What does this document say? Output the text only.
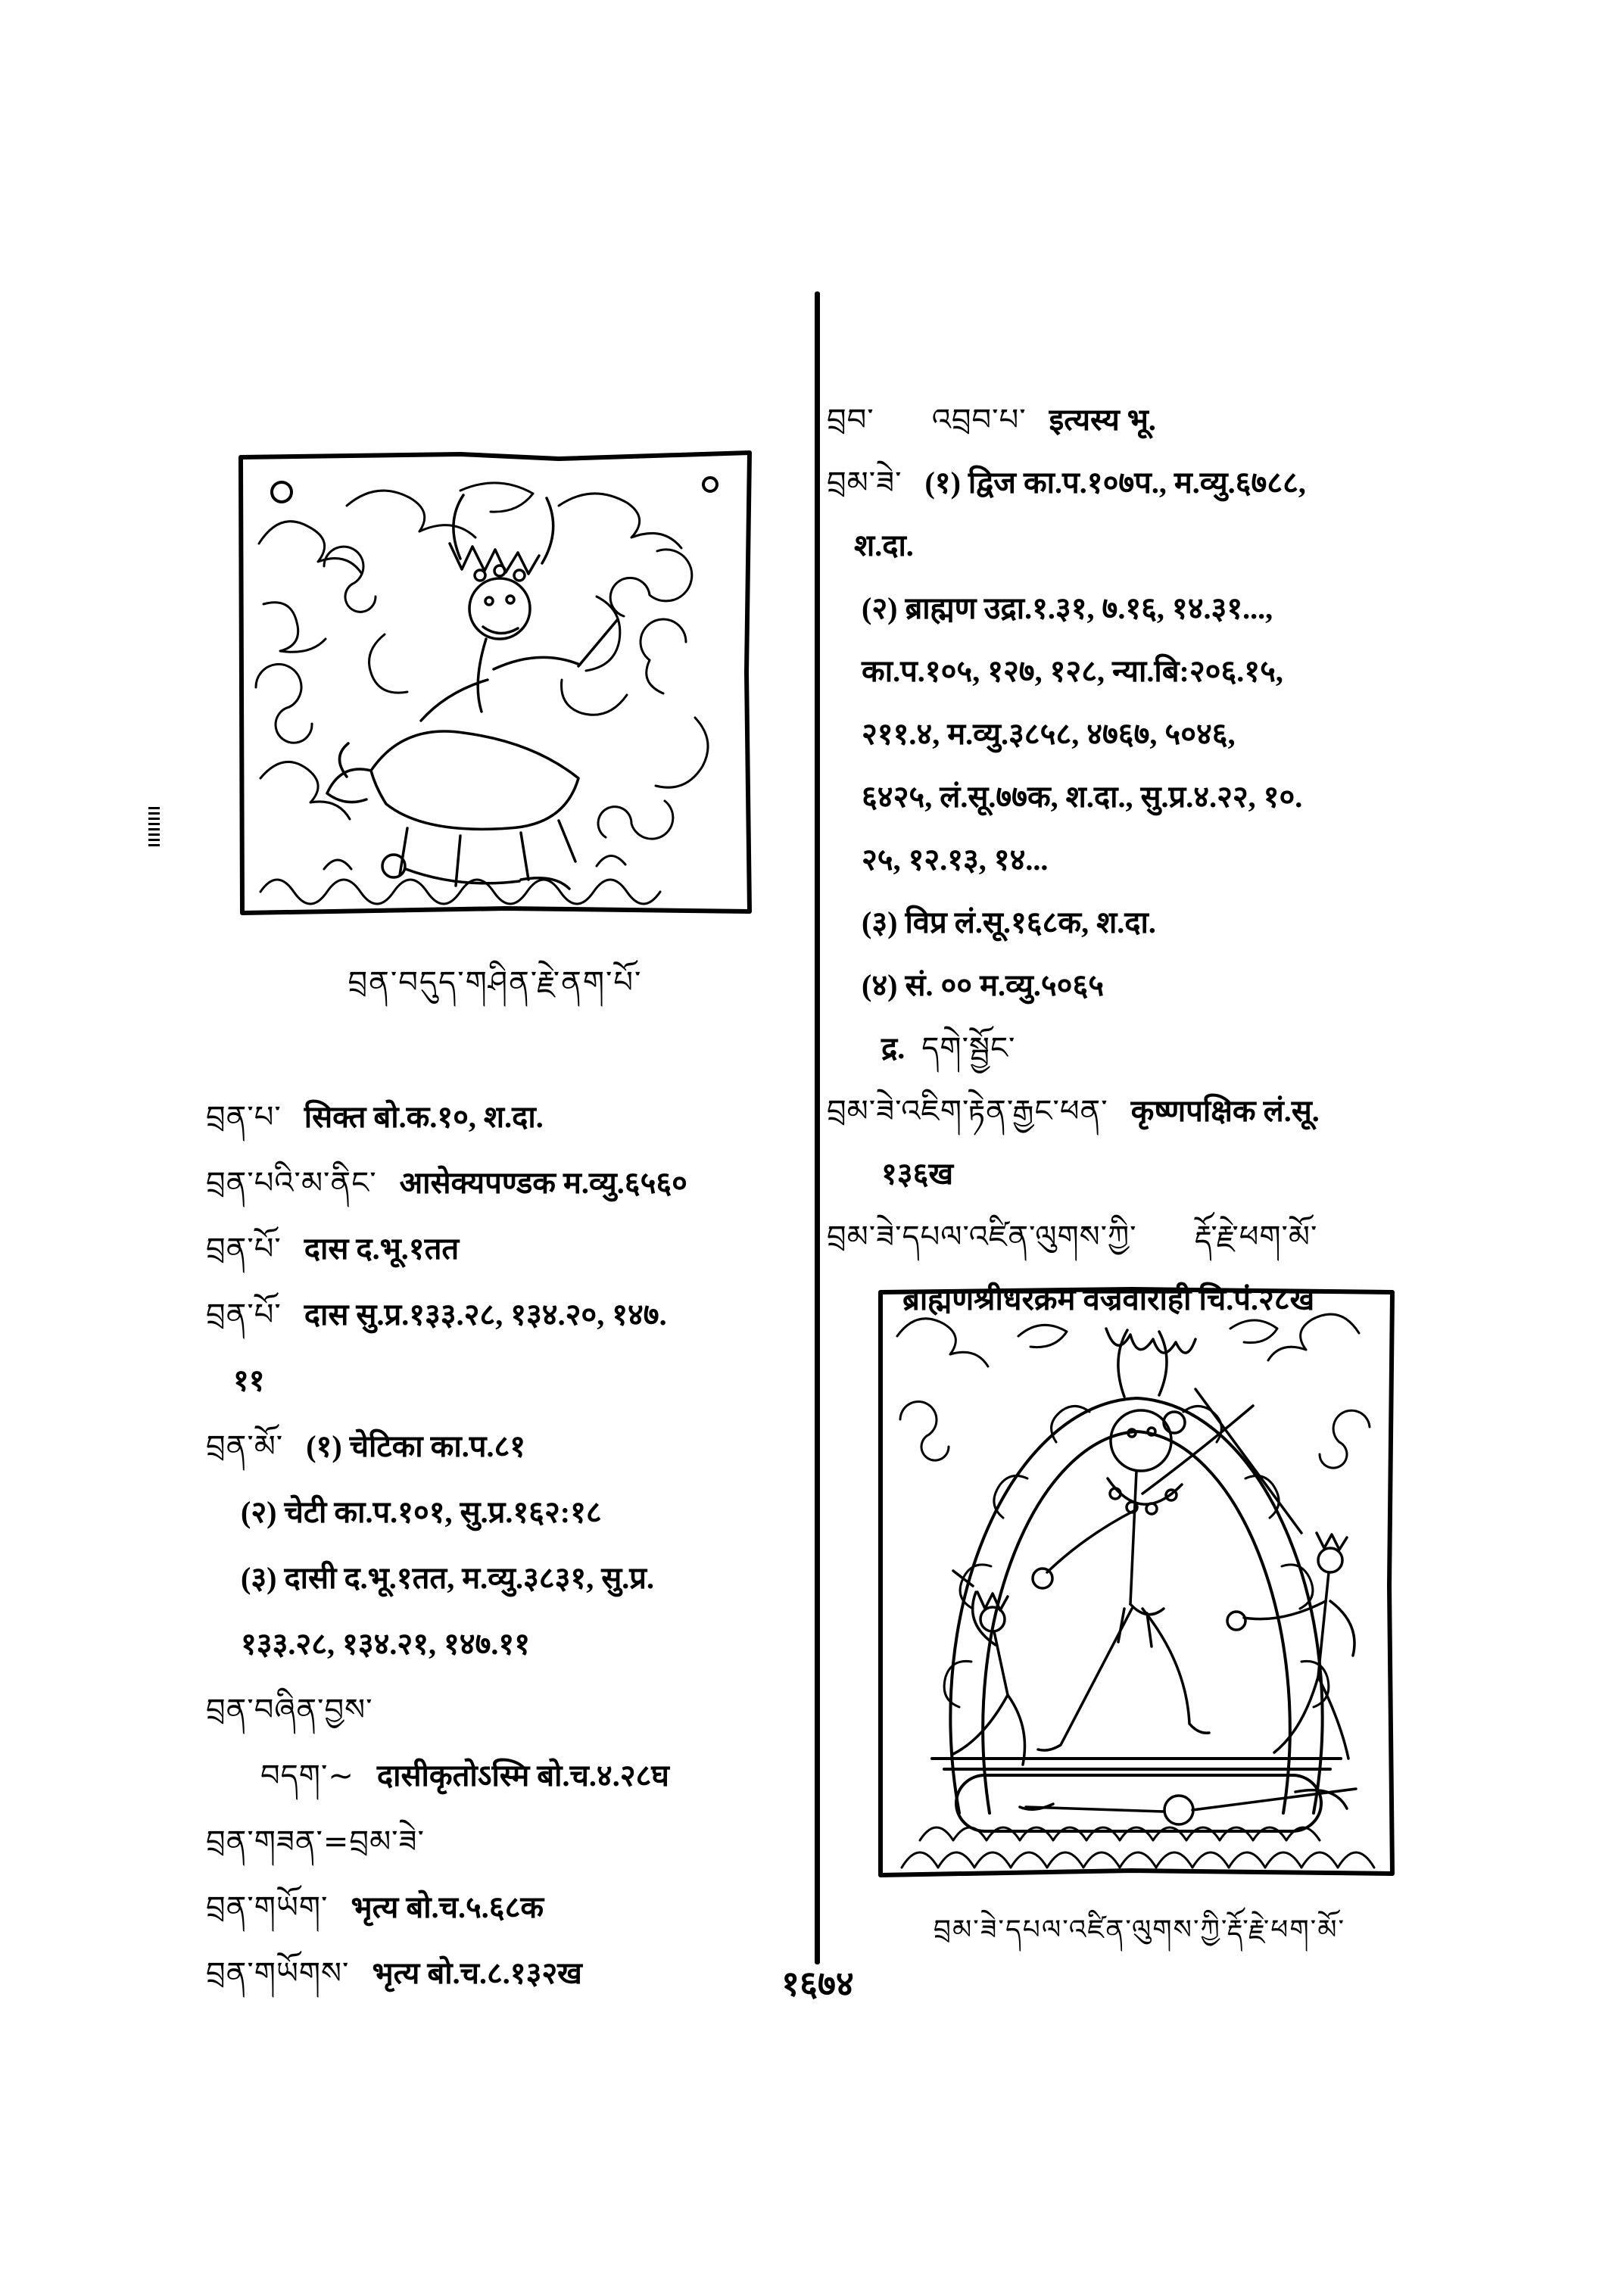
བྲན་བདུད་གཤིན་རྗེ་ནག་པོ་
བྲན་པ་ सिक्त बो.क.१०, श.दा.
བྲན་པའི་མ་ནིང་ आसेक्यपण्डक म.व्यु.६५६०
བྲན་པོ་ दास द.भू.१तत
བྲན་པོ་ दास सु.प्र.१३३.२८, १३४.२०, १४७.
११
བྲན་མོ་ (१) चेटिका का.प.८१
(२) चेटी का.प.१०१, सु.प्र.१६२:१८
(३) दासी द.भू.१तत, म.व्यु.३८३१, सु.प्र.
१३३.२८, १३४.२१, १४७.११
བྲན་བཞིན་བྱས་
བདག་~ दासीकृतोऽस्मि बो.च.४.२८घ
བྲན་གཟན་=བྲམ་ཟེ་
བྲན་གཡོག་ भृत्य बो.च.५.६८क
བྲན་གཡོགས་ भृत्य बो.च.८.१३२ख
བྲབ་ འབྲབ་པ་ इत्यस्य भू.
བྲམ་ཟེ་ (१) द्विज का.प.१०७प., म.व्यु.६७८८,
श.दा.
(२) ब्राह्मण उद्रा.१.३१, ७.१६, १४.३१...,
का.प.१०५, १२७, १२८, न्या.बि:२०६.१५,
२११.४, म.व्यु.३८५८, ४७६७, ५०४६,
६४२५, लं.सू.७७क, श.दा., सु.प्र.४.२२, १०.
२५, १२.१३, १४...
(३) विप्र लं.सू.१६८क, श.दा.
(४) सं. ०० म.व्यु.५०६५
द्र. དགེ་སྦྱོང་
བྲམ་ཟེ་འཇིག་རྟེན་རྒྱང་ཕན་ कृष्णपक्षिक लं.सू.
१३६ख
བྲམ་ཟེ་དཔལ་འཛིན་ལུགས་ཀྱི་ རྡོ་རྗེ་ཕག་མོ་
ब्राह्मणश्रीधरक्रम वज्रवाराही चि.पं.२८ख
བྲམ་ཟེ་དཔལ་འཛིན་ལུགས་ཀྱི་རྡོ་རྗེ་ཕག་མོ་
१६७४
